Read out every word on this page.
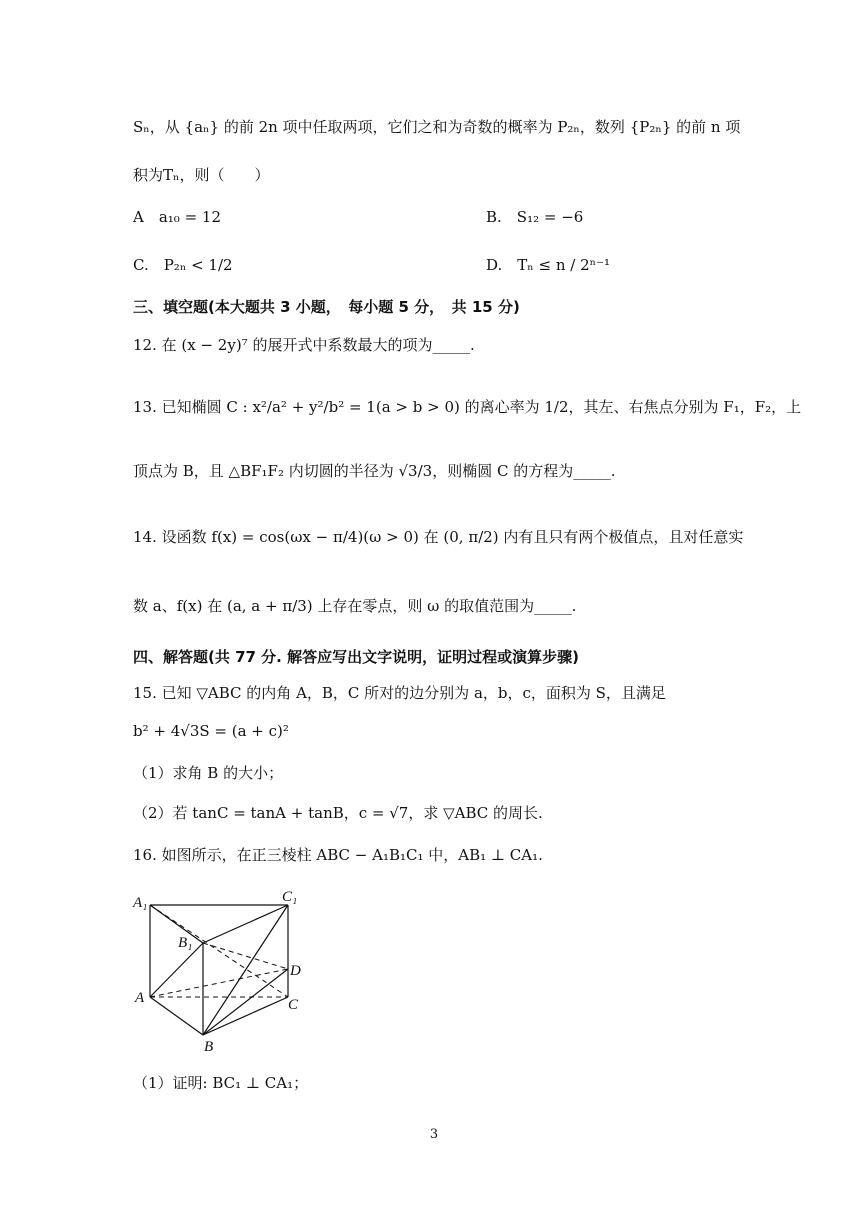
Sₙ，从 {aₙ} 的前 2n 项中任取两项，它们之和为奇数的概率为 P₂ₙ，数列 {P₂ₙ} 的前 n 项
积为Tₙ，则（　　）
A　a₁₀ = 12	B.　S₁₂ = −6
C.　P₂ₙ < 1/2	D.　Tₙ ≤ n / 2ⁿ⁻¹
三、填空题(本大题共 3 小题，　每小题 5 分，　共 15 分)
12. 在 (x − 2y)⁷ 的展开式中系数最大的项为_____.
13. 已知椭圆 C : x²/a² + y²/b² = 1(a > b > 0) 的离心率为 1/2，其左、右焦点分别为 F₁，F₂，上
顶点为 B，且 △BF₁F₂ 内切圆的半径为 √3/3，则椭圆 C 的方程为_____.
14. 设函数 f(x) = cos(ωx − π/4)(ω > 0) 在 (0, π/2) 内有且只有两个极值点，且对任意实
数 a、f(x) 在 (a, a + π/3) 上存在零点，则 ω 的取值范围为_____.
四、解答题(共 77 分. 解答应写出文字说明，证明过程或演算步骤)
15. 已知 ▽ABC 的内角 A，B，C 所对的边分别为 a，b，c，面积为 S，且满足
b² + 4√3S = (a + c)²
（1）求角 B 的大小；
（2）若 tanC = tanA + tanB，c = √7，求 ▽ABC 的周长.
16. 如图所示，在正三棱柱 ABC − A₁B₁C₁ 中，AB₁ ⊥ CA₁.
A₁	C₁
B₁
D
A	C
B
（1）证明: BC₁ ⊥ CA₁；
3
